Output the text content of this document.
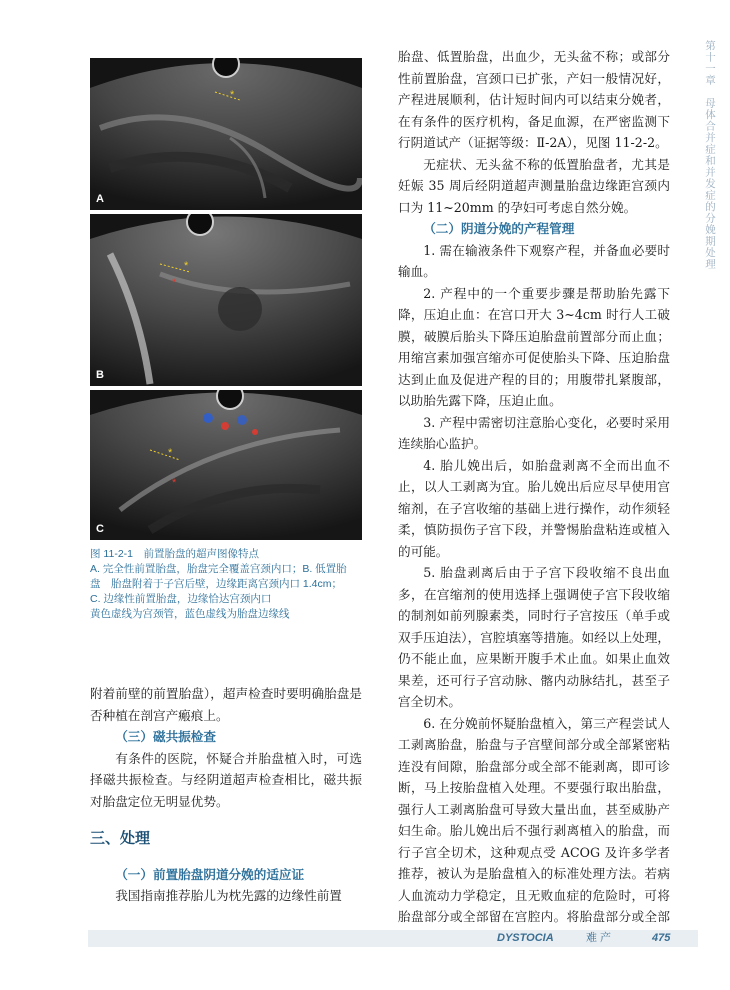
*
A
*
*
B
*
*
C
图 11-2-1　前置胎盘的超声图像特点
A. 完全性前置胎盘，胎盘完全覆盖宫颈内口；B. 低置胎
盘　胎盘附着于子宫后壁，边缘距离宫颈内口 1.4cm；
C. 边缘性前置胎盘，边缘恰达宫颈内口
黄色虚线为宫颈管，蓝色虚线为胎盘边缘线

附着前壁的前置胎盘），超声检查时要明确胎盘是否种植在剖宫产瘢痕上。

（三）磁共振检查

有条件的医院，怀疑合并胎盘植入时，可选择磁共振检查。与经阴道超声检查相比，磁共振对胎盘定位无明显优势。

三、处理

（一）前置胎盘阴道分娩的适应证

我国指南推荐胎儿为枕先露的边缘性前置

胎盘、低置胎盘，出血少，无头盆不称；或部分性前置胎盘，宫颈口已扩张，产妇一般情况好，产程进展顺利，估计短时间内可以结束分娩者，在有条件的医疗机构，备足血源，在严密监测下行阴道试产（证据等级：Ⅱ-2A），见图 11-2-2。

无症状、无头盆不称的低置胎盘者，尤其是妊娠 35 周后经阴道超声测量胎盘边缘距宫颈内口为 11~20mm 的孕妇可考虑自然分娩。

（二）阴道分娩的产程管理

1. 需在输液条件下观察产程，并备血必要时输血。

2. 产程中的一个重要步骤是帮助胎先露下降，压迫止血：在宫口开大 3~4cm 时行人工破膜，破膜后胎头下降压迫胎盘前置部分而止血；用缩宫素加强宫缩亦可促使胎头下降、压迫胎盘达到止血及促进产程的目的；用腹带扎紧腹部，以助胎先露下降，压迫止血。

3. 产程中需密切注意胎心变化，必要时采用连续胎心监护。

4. 胎儿娩出后，如胎盘剥离不全而出血不止，以人工剥离为宜。胎儿娩出后应尽早使用宫缩剂，在子宫收缩的基础上进行操作，动作须轻柔，慎防损伤子宫下段，并警惕胎盘粘连或植入的可能。

5. 胎盘剥离后由于子宫下段收缩不良出血多，在宫缩剂的使用选择上强调使子宫下段收缩的制剂如前列腺素类，同时行子宫按压（单手或双手压迫法），宫腔填塞等措施。如经以上处理，仍不能止血，应果断开腹手术止血。如果止血效果差，还可行子宫动脉、髂内动脉结扎，甚至子宫全切术。

6. 在分娩前怀疑胎盘植入，第三产程尝试人工剥离胎盘，胎盘与子宫壁间部分或全部紧密粘连没有间隙，胎盘部分或全部不能剥离，即可诊断，马上按胎盘植入处理。不要强行取出胎盘，强行人工剥离胎盘可导致大量出血，甚至威胁产妇生命。胎儿娩出后不强行剥离植入的胎盘，而行子宫全切术，这种观点受 ACOG 及许多学者推荐，被认为是胎盘植入的标准处理方法。若病人血流动力学稳定，且无败血症的危险时，可将胎盘部分或全部留在宫腔内。将胎盘部分或全部

第十一章　母体合并症和并发症的分娩期处理
DYSTOCIA	难 产	475
